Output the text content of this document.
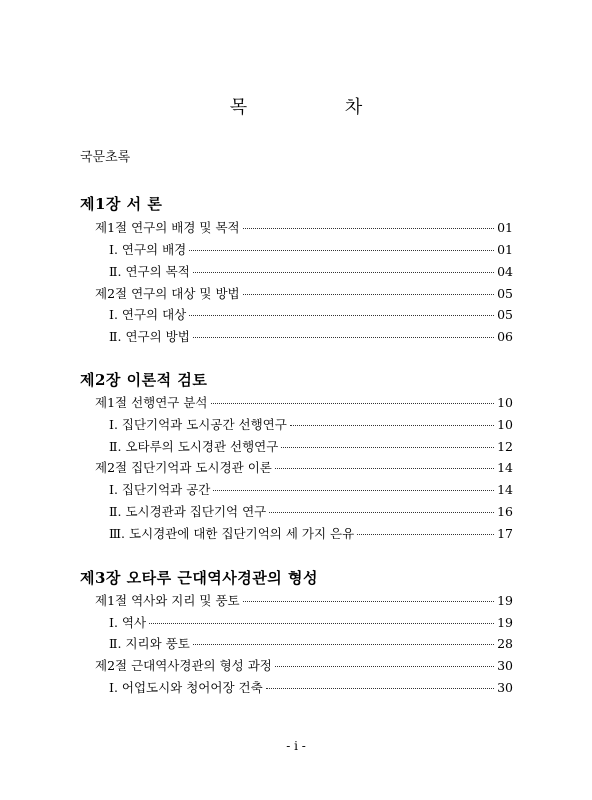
목 차
국문초록
제1장 서 론
제1절 연구의 배경 및 목적	01
Ⅰ. 연구의 배경	01
Ⅱ. 연구의 목적	04
제2절 연구의 대상 및 방법	05
Ⅰ. 연구의 대상	05
Ⅱ. 연구의 방법	06
제2장 이론적 검토
제1절 선행연구 분석	10
Ⅰ. 집단기억과 도시공간 선행연구	10
Ⅱ. 오타루의 도시경관 선행연구	12
제2절 집단기억과 도시경관 이론	14
Ⅰ. 집단기억과 공간	14
Ⅱ. 도시경관과 집단기억 연구	16
Ⅲ. 도시경관에 대한 집단기억의 세 가지 은유	17
제3장 오타루 근대역사경관의 형성
제1절 역사와 지리 및 풍토	19
Ⅰ. 역사	19
Ⅱ. 지리와 풍토	28
제2절 근대역사경관의 형성 과정	30
Ⅰ. 어업도시와 청어어장 건축	30
- i -
